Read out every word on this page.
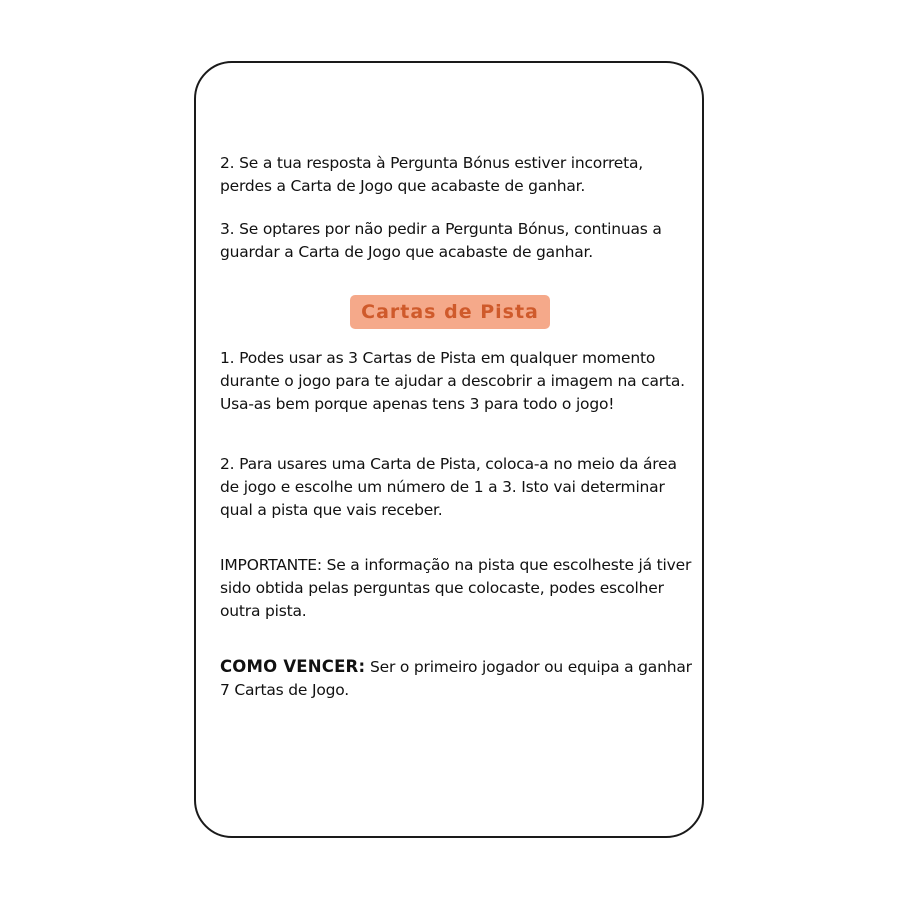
2. Se a tua resposta à Pergunta Bónus estiver incorreta, perdes a Carta de Jogo que acabaste de ganhar.

3. Se optares por não pedir a Pergunta Bónus, continuas a guardar a Carta de Jogo que acabaste de ganhar.

Cartas de Pista

1. Podes usar as 3 Cartas de Pista em qualquer momento durante o jogo para te ajudar a descobrir a imagem na carta. Usa-as bem porque apenas tens 3 para todo o jogo!

2. Para usares uma Carta de Pista, coloca-a no meio da área de jogo e escolhe um número de 1 a 3. Isto vai determinar qual a pista que vais receber.

IMPORTANTE: Se a informação na pista que escolheste já tiver sido obtida pelas perguntas que colocaste, podes escolher outra pista.

COMO VENCER: Ser o primeiro jogador ou equipa a ganhar 7 Cartas de Jogo.
